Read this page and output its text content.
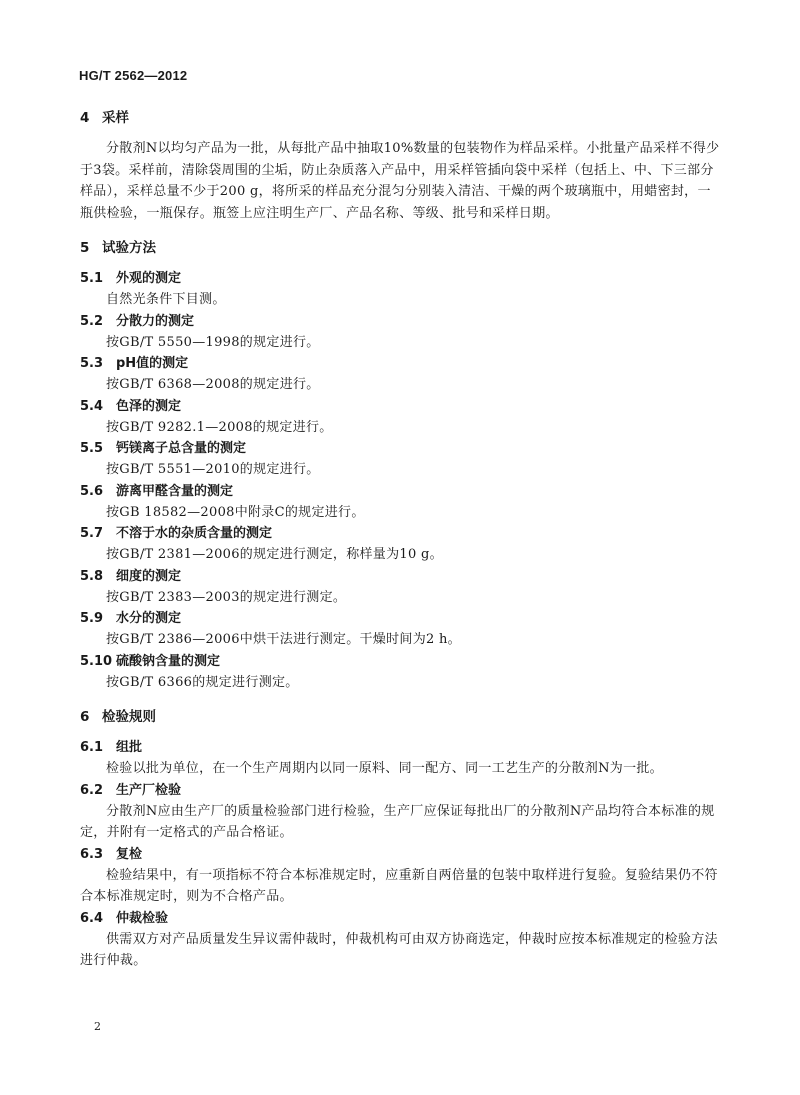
HG/T 2562—2012
4 采样

分散剂N以均匀产品为一批，从每批产品中抽取10%数量的包装物作为样品采样。小批量产品采样不得少于3袋。采样前，清除袋周围的尘垢，防止杂质落入产品中，用采样管插向袋中采样（包括上、中、下三部分样品），采样总量不少于200 g，将所采的样品充分混匀分别装入清洁、干燥的两个玻璃瓶中，用蜡密封，一瓶供检验，一瓶保存。瓶签上应注明生产厂、产品名称、等级、批号和采样日期。

5 试验方法
5.1 外观的测定

自然光条件下目测。

5.2 分散力的测定

按GB/T 5550—1998的规定进行。

5.3 pH值的测定

按GB/T 6368—2008的规定进行。

5.4 色泽的测定

按GB/T 9282.1—2008的规定进行。

5.5 钙镁离子总含量的测定

按GB/T 5551—2010的规定进行。

5.6 游离甲醛含量的测定

按GB 18582—2008中附录C的规定进行。

5.7 不溶于水的杂质含量的测定

按GB/T 2381—2006的规定进行测定，称样量为10 g。

5.8 细度的测定

按GB/T 2383—2003的规定进行测定。

5.9 水分的测定

按GB/T 2386—2006中烘干法进行测定。干燥时间为2 h。

5.10 硫酸钠含量的测定

按GB/T 6366的规定进行测定。

6 检验规则
6.1 组批

检验以批为单位，在一个生产周期内以同一原料、同一配方、同一工艺生产的分散剂N为一批。

6.2 生产厂检验

分散剂N应由生产厂的质量检验部门进行检验，生产厂应保证每批出厂的分散剂N产品均符合本标准的规定，并附有一定格式的产品合格证。

6.3 复检

检验结果中，有一项指标不符合本标准规定时，应重新自两倍量的包装中取样进行复验。复验结果仍不符合本标准规定时，则为不合格产品。

6.4 仲裁检验

供需双方对产品质量发生异议需仲裁时，仲裁机构可由双方协商选定，仲裁时应按本标准规定的检验方法进行仲裁。

2
